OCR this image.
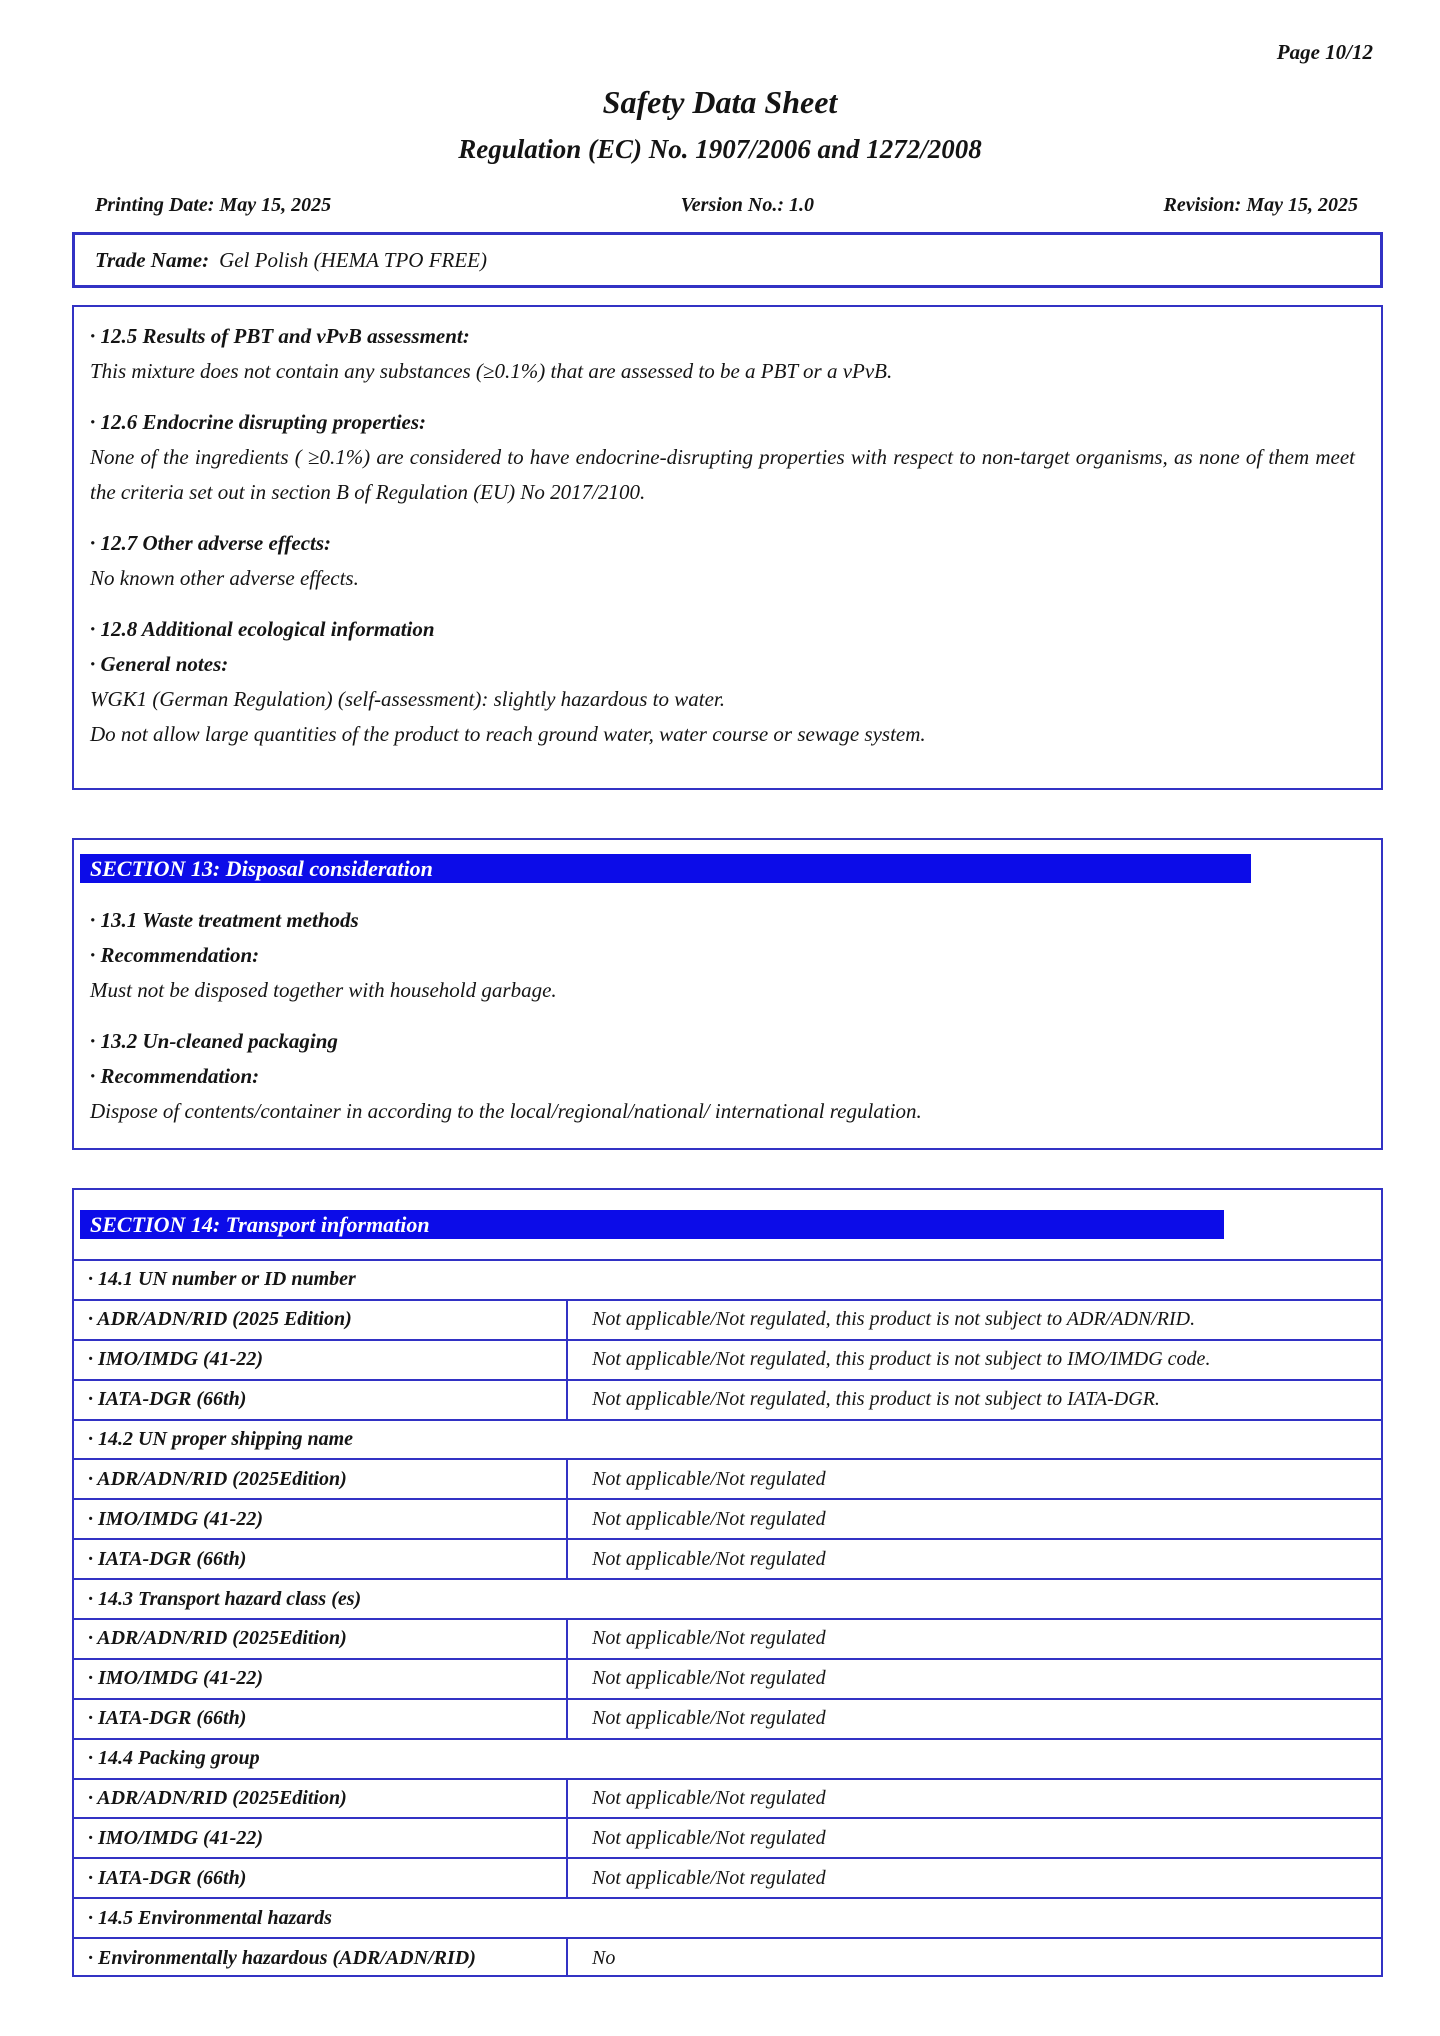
Page 10/12
Safety Data Sheet
Regulation (EC) No. 1907/2006 and 1272/2008
Printing Date: May 15, 2025	Version No.: 1.0	Revision: May 15, 2025
Trade Name: Gel Polish (HEMA TPO FREE)

· 12.5 Results of PBT and vPvB assessment:

This mixture does not contain any substances (≥0.1%) that are assessed to be a PBT or a vPvB.

· 12.6 Endocrine disrupting properties:

None of the ingredients ( ≥0.1%) are considered to have endocrine-disrupting properties with respect to non-target organisms, as none of them meet the criteria set out in section B of Regulation (EU) No 2017/2100.

· 12.7 Other adverse effects:

No known other adverse effects.

· 12.8 Additional ecological information

· General notes:

WGK1 (German Regulation) (self-assessment): slightly hazardous to water.

Do not allow large quantities of the product to reach ground water, water course or sewage system.

SECTION 13: Disposal consideration

· 13.1 Waste treatment methods

· Recommendation:

Must not be disposed together with household garbage.

· 13.2 Un-cleaned packaging

· Recommendation:

Dispose of contents/container in according to the local/regional/national/ international regulation.

SECTION 14: Transport information
· 14.1 UN number or ID number
· ADR/ADN/RID (2025 Edition)	Not applicable/Not regulated, this product is not subject to ADR/ADN/RID.
· IMO/IMDG (41-22)	Not applicable/Not regulated, this product is not subject to IMO/IMDG code.
· IATA-DGR (66th)	Not applicable/Not regulated, this product is not subject to IATA-DGR.
· 14.2 UN proper shipping name
· ADR/ADN/RID (2025Edition)	Not applicable/Not regulated
· IMO/IMDG (41-22)	Not applicable/Not regulated
· IATA-DGR (66th)	Not applicable/Not regulated
· 14.3 Transport hazard class (es)
· ADR/ADN/RID (2025Edition)	Not applicable/Not regulated
· IMO/IMDG (41-22)	Not applicable/Not regulated
· IATA-DGR (66th)	Not applicable/Not regulated
· 14.4 Packing group
· ADR/ADN/RID (2025Edition)	Not applicable/Not regulated
· IMO/IMDG (41-22)	Not applicable/Not regulated
· IATA-DGR (66th)	Not applicable/Not regulated
· 14.5 Environmental hazards
· Environmentally hazardous (ADR/ADN/RID)	No
